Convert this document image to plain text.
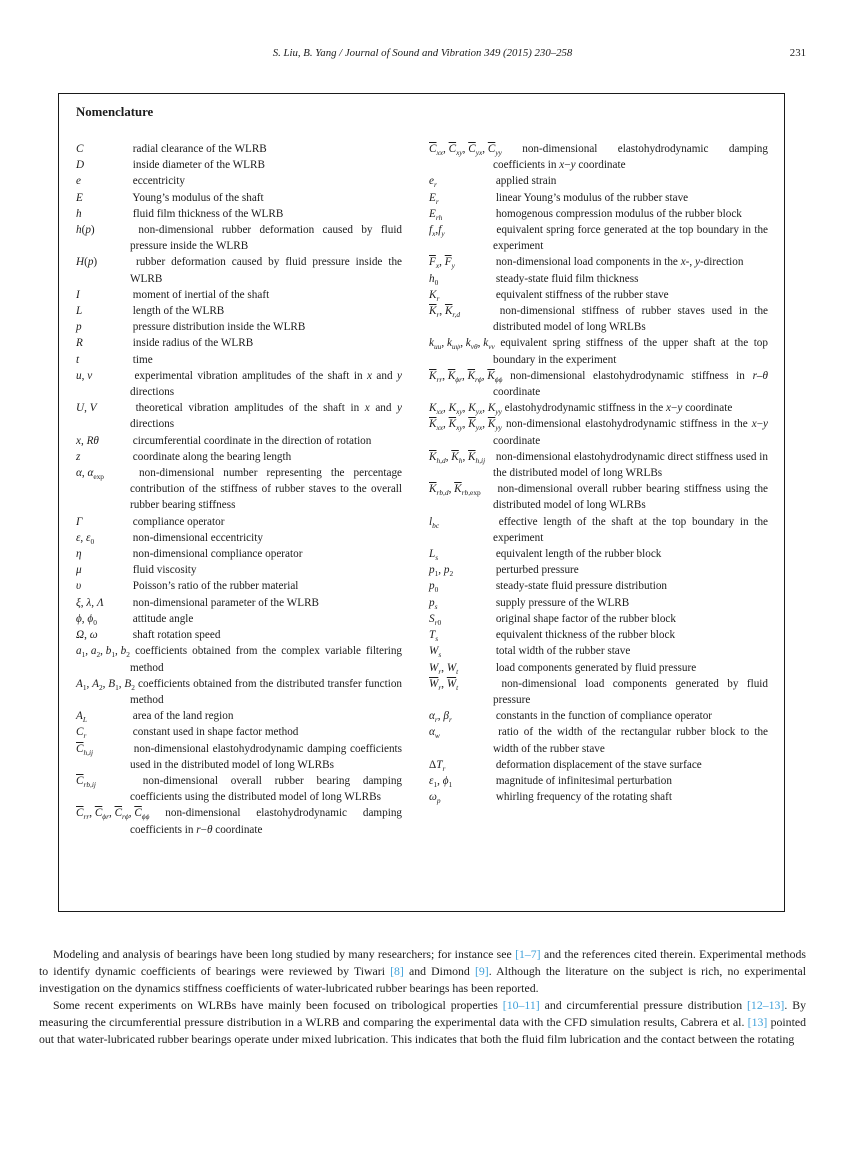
S. Liu, B. Yang / Journal of Sound and Vibration 349 (2015) 230–258	231
Nomenclature
C	radial clearance of the WLRB
D	inside diameter of the WLRB
e	eccentricity
E	Young’s modulus of the shaft
h	fluid film thickness of the WLRB
h(p)	non-dimensional rubber deformation caused by fluid pressure inside the WLRB
H(p)	rubber deformation caused by fluid pressure inside the WLRB
I	moment of inertial of the shaft
L	length of the WLRB
p	pressure distribution inside the WLRB
R	inside radius of the WLRB
t	time
u, v	experimental vibration amplitudes of the shaft in x and y directions
U, V	theoretical vibration amplitudes of the shaft in x and y directions
x, Rθ	circumferential coordinate in the direction of rotation
z	coordinate along the bearing length
α, $\alpha_{exp}$	non-dimensional number representing the percentage contribution of the stiffness of rubber staves to the overall rubber bearing stiffness
Γ	compliance operator
ε, $\varepsilon_0$	non-dimensional eccentricity
η	non-dimensional compliance operator
μ	fluid viscosity
υ	Poisson’s ratio of the rubber material
ξ, λ, Λ	non-dimensional parameter of the WLRB
ϕ, $\phi_0$	attitude angle
Ω, ω	shaft rotation speed
$a_1$, $a_2$, $b_1$, $b_2$ coefficients obtained from the complex variable filtering method
$A_1$, $A_2$, $B_1$, $B_2$ coefficients obtained from the distributed transfer function method
$A_L$	area of the land region
$C_r$	constant used in shape factor method
$\overline{C}_{h,ij}$	non-dimensional elastohydrodynamic damping coefficients used in the distributed model of long WLRBs
$\overline{C}_{rb,ij}$	non-dimensional overall rubber bearing damping coefficients using the distributed model of long WLRBs
$\overline{C}_{rr}$, $\overline{C}_{\phi r}$, $\overline{C}_{r\phi}$, $\overline{C}_{\phi\phi}$ non-dimensional elastohydrodynamic damping coefficients in r−θ coordinate
$\overline{C}_{xx}$, $\overline{C}_{xy}$, $\overline{C}_{yx}$, $\overline{C}_{yy}$ non-dimensional elastohydrodynamic damping coefficients in x−y coordinate
$e_r$	applied strain
$E_r$	linear Young’s modulus of the rubber stave
$E_{rh}$	homogenous compression modulus of the rubber block
$f_x,f_y$	equivalent spring force generated at the top boundary in the experiment
$\overline{F}_x$, $\overline{F}_y$	non-dimensional load components in the x-, y-direction
$h_0$	steady-state fluid film thickness
$K_r$	equivalent stiffness of the rubber stave
$\overline{K}_r$, $\overline{K}_{r,d}$	non-dimensional stiffness of rubber staves used in the distributed model of long WRLBs
$k_{uu}$, $k_{u\psi}$, $k_{v\theta}$, $k_{vv}$ equivalent spring stiffness of the upper shaft at the top boundary in the experiment
$\overline{K}_{rr}$, $\overline{K}_{\phi r}$, $\overline{K}_{r\phi}$, $\overline{K}_{\phi\phi}$ non-dimensional elastohydrodynamic stiffness in r–θ coordinate
$K_{xx}$, $K_{xy}$, $K_{yx}$, $K_{yy}$ elastohydrodynamic stiffness in the x−y coordinate
$\overline{K}_{xx}$, $\overline{K}_{xy}$, $\overline{K}_{yx}$, $\overline{K}_{yy}$ non-dimensional elastohydrodynamic stiffness in the x−y coordinate
$\overline{K}_{h,d}$, $\overline{K}_h$, $\overline{K}_{h,ij}$ non-dimensional elastohydrodynamic direct stiffness used in the distributed model of long WRLBs
$\overline{K}_{rb,d}$, $\overline{K}_{rb,exp}$ non-dimensional overall rubber bearing stiffness using the distributed model of long WLRBs
$l_{bc}$	effective length of the shaft at the top boundary in the experiment
$L_s$	equivalent length of the rubber block
$p_1$, $p_2$	perturbed pressure
$p_0$	steady-state fluid pressure distribution
$p_s$	supply pressure of the WLRB
$S_{r0}$	original shape factor of the rubber block
$T_s$	equivalent thickness of the rubber block
$W_s$	total width of the rubber stave
$W_r$, $W_t$	load components generated by fluid pressure
$\overline{W}_r$, $\overline{W}_t$	non-dimensional load components generated by fluid pressure
$\alpha_r$, $\beta_r$	constants in the function of compliance operator
$\alpha_w$	ratio of the width of the rectangular rubber block to the width of the rubber stave
$\Delta T_r$	deformation displacement of the stave surface
$\varepsilon_1$, $\phi_1$	magnitude of infinitesimal perturbation
$\omega_p$	whirling frequency of the rotating shaft

Modeling and analysis of bearings have been long studied by many researchers; for instance see [1–7] and the references cited therein. Experimental methods to identify dynamic coefficients of bearings were reviewed by Tiwari [8] and Dimond [9]. Although the literature on the subject is rich, no experimental investigation on the dynamics stiffness coefficients of water-lubricated rubber bearings has been reported.

Some recent experiments on WLRBs have mainly been focused on tribological properties [10–11] and circumferential pressure distribution [12–13]. By measuring the circumferential pressure distribution in a WLRB and comparing the experimental data with the CFD simulation results, Cabrera et al. [13] pointed out that water-lubricated rubber bearings operate under mixed lubrication. This indicates that both the fluid film lubrication and the contact between the rotating
